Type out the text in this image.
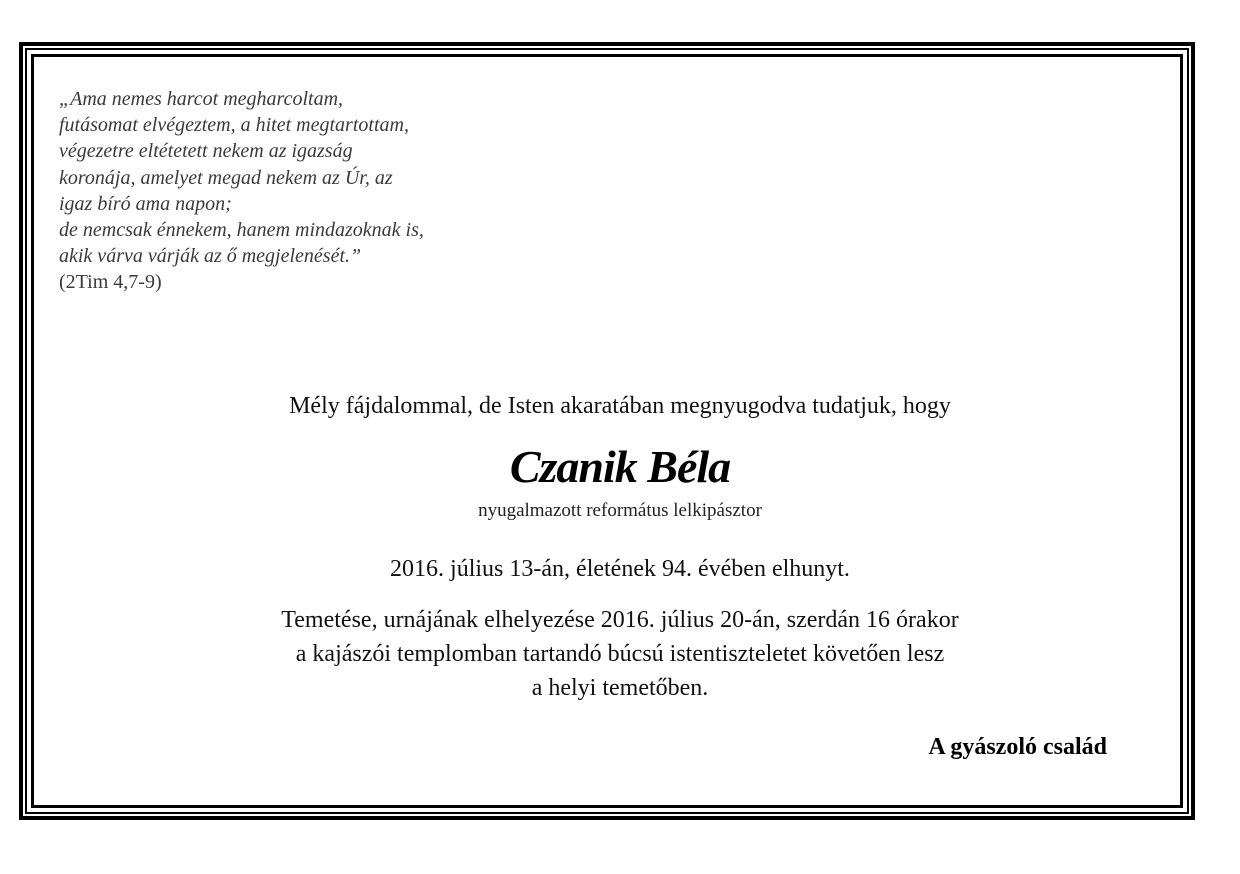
„Ama nemes harcot megharcoltam,
futásomat elvégeztem, a hitet megtartottam,
végezetre eltétetett nekem az igazság
koronája, amelyet megad nekem az Úr, az
igaz bíró ama napon;
de nemcsak énnekem, hanem mindazoknak is,
akik várva várják az ő megjelenését.”
(2Tim 4,7-9)
Mély fájdalommal, de Isten akaratában megnyugodva tudatjuk, hogy
Czanik Béla
nyugalmazott református lelkipásztor
2016. július 13-án, életének 94. évében elhunyt.
Temetése, urnájának elhelyezése 2016. július 20-án, szerdán 16 órakor
a kajászói templomban tartandó búcsú istentiszteletet követően lesz
a helyi temetőben.
A gyászoló család
